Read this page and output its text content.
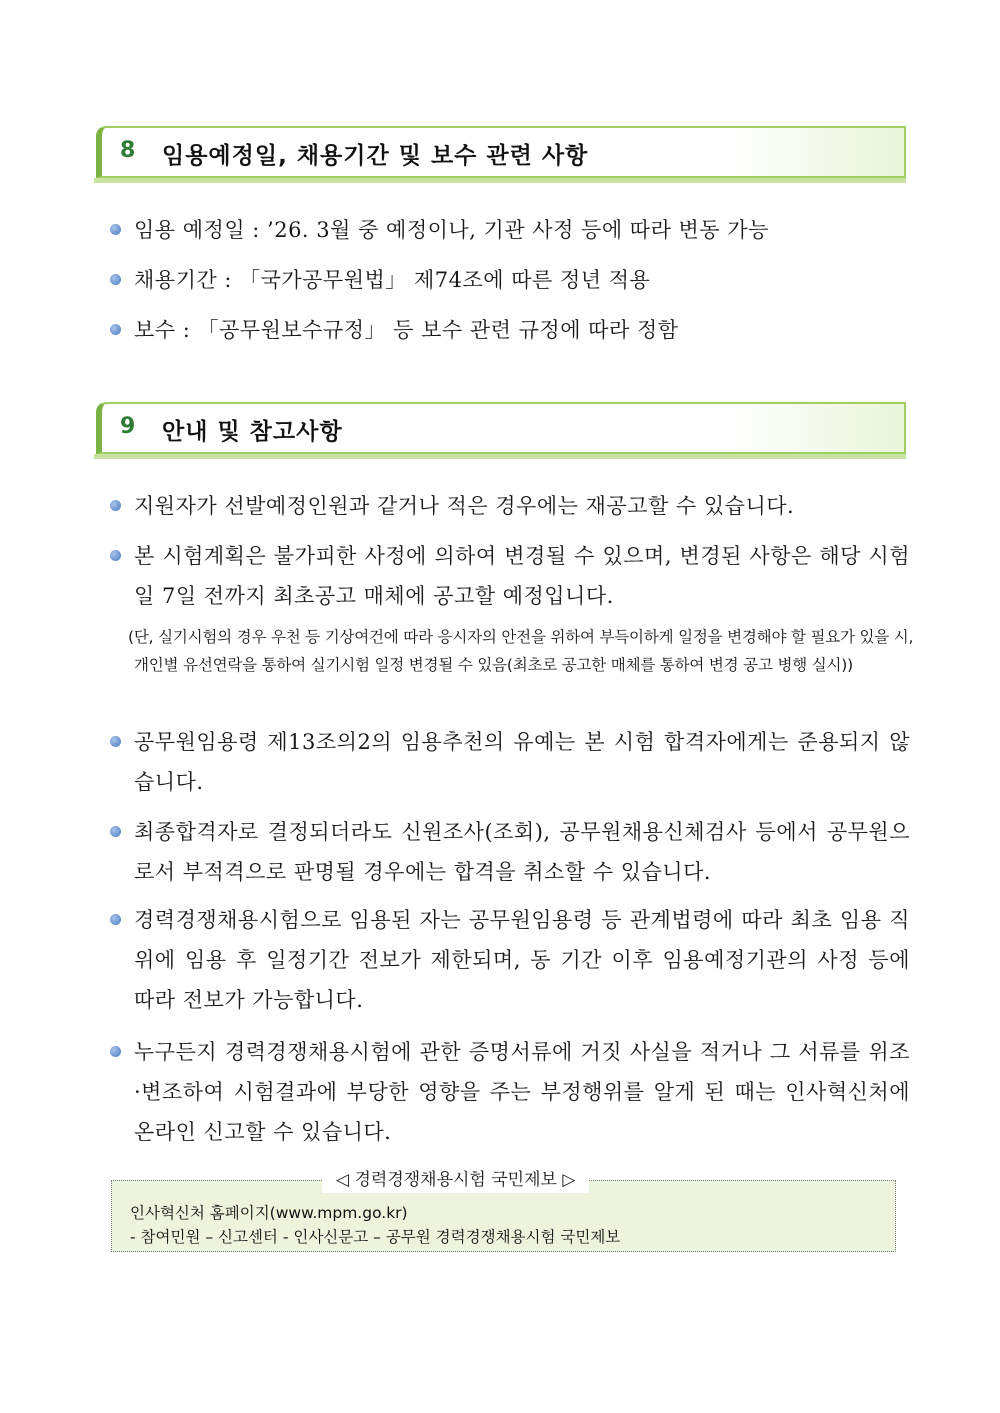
8 임용예정일, 채용기간 및 보수 관련 사항
임용 예정일 : ’26. 3월 중 예정이나, 기관 사정 등에 따라 변동 가능
채용기간 : 「국가공무원법」 제74조에 따른 정년 적용
보수 : 「공무원보수규정」 등 보수 관련 규정에 따라 정함
9 안내 및 참고사항
지원자가 선발예정인원과 같거나 적은 경우에는 재공고할 수 있습니다.
본 시험계획은 불가피한 사정에 의하여 변경될 수 있으며, 변경된 사항은 해당 시험일 7일 전까지 최초공고 매체에 공고할 예정입니다.
(단, 실기시험의 경우 우천 등 기상여건에 따라 응시자의 안전을 위하여 부득이하게 일정을 변경해야 할 필요가 있을 시, 개인별 유선연락을 통하여 실기시험 일정 변경될 수 있음(최초로 공고한 매체를 통하여 변경 공고 병행 실시))
공무원임용령 제13조의2의 임용추천의 유예는 본 시험 합격자에게는 준용되지 않습니다.
최종합격자로 결정되더라도 신원조사(조회), 공무원채용신체검사 등에서 공무원으로서 부적격으로 판명될 경우에는 합격을 취소할 수 있습니다.
경력경쟁채용시험으로 임용된 자는 공무원임용령 등 관계법령에 따라 최초 임용 직위에 임용 후 일정기간 전보가 제한되며, 동 기간 이후 임용예정기관의 사정 등에 따라 전보가 가능합니다.
누구든지 경력경쟁채용시험에 관한 증명서류에 거짓 사실을 적거나 그 서류를 위조·변조하여 시험결과에 부당한 영향을 주는 부정행위를 알게 된 때는 인사혁신처에 온라인 신고할 수 있습니다.
인사혁신처 홈페이지(www.mpm.go.kr)
- 참여민원 – 신고센터 - 인사신문고 – 공무원 경력경쟁채용시험 국민제보
◁ 경력경쟁채용시험 국민제보 ▷
